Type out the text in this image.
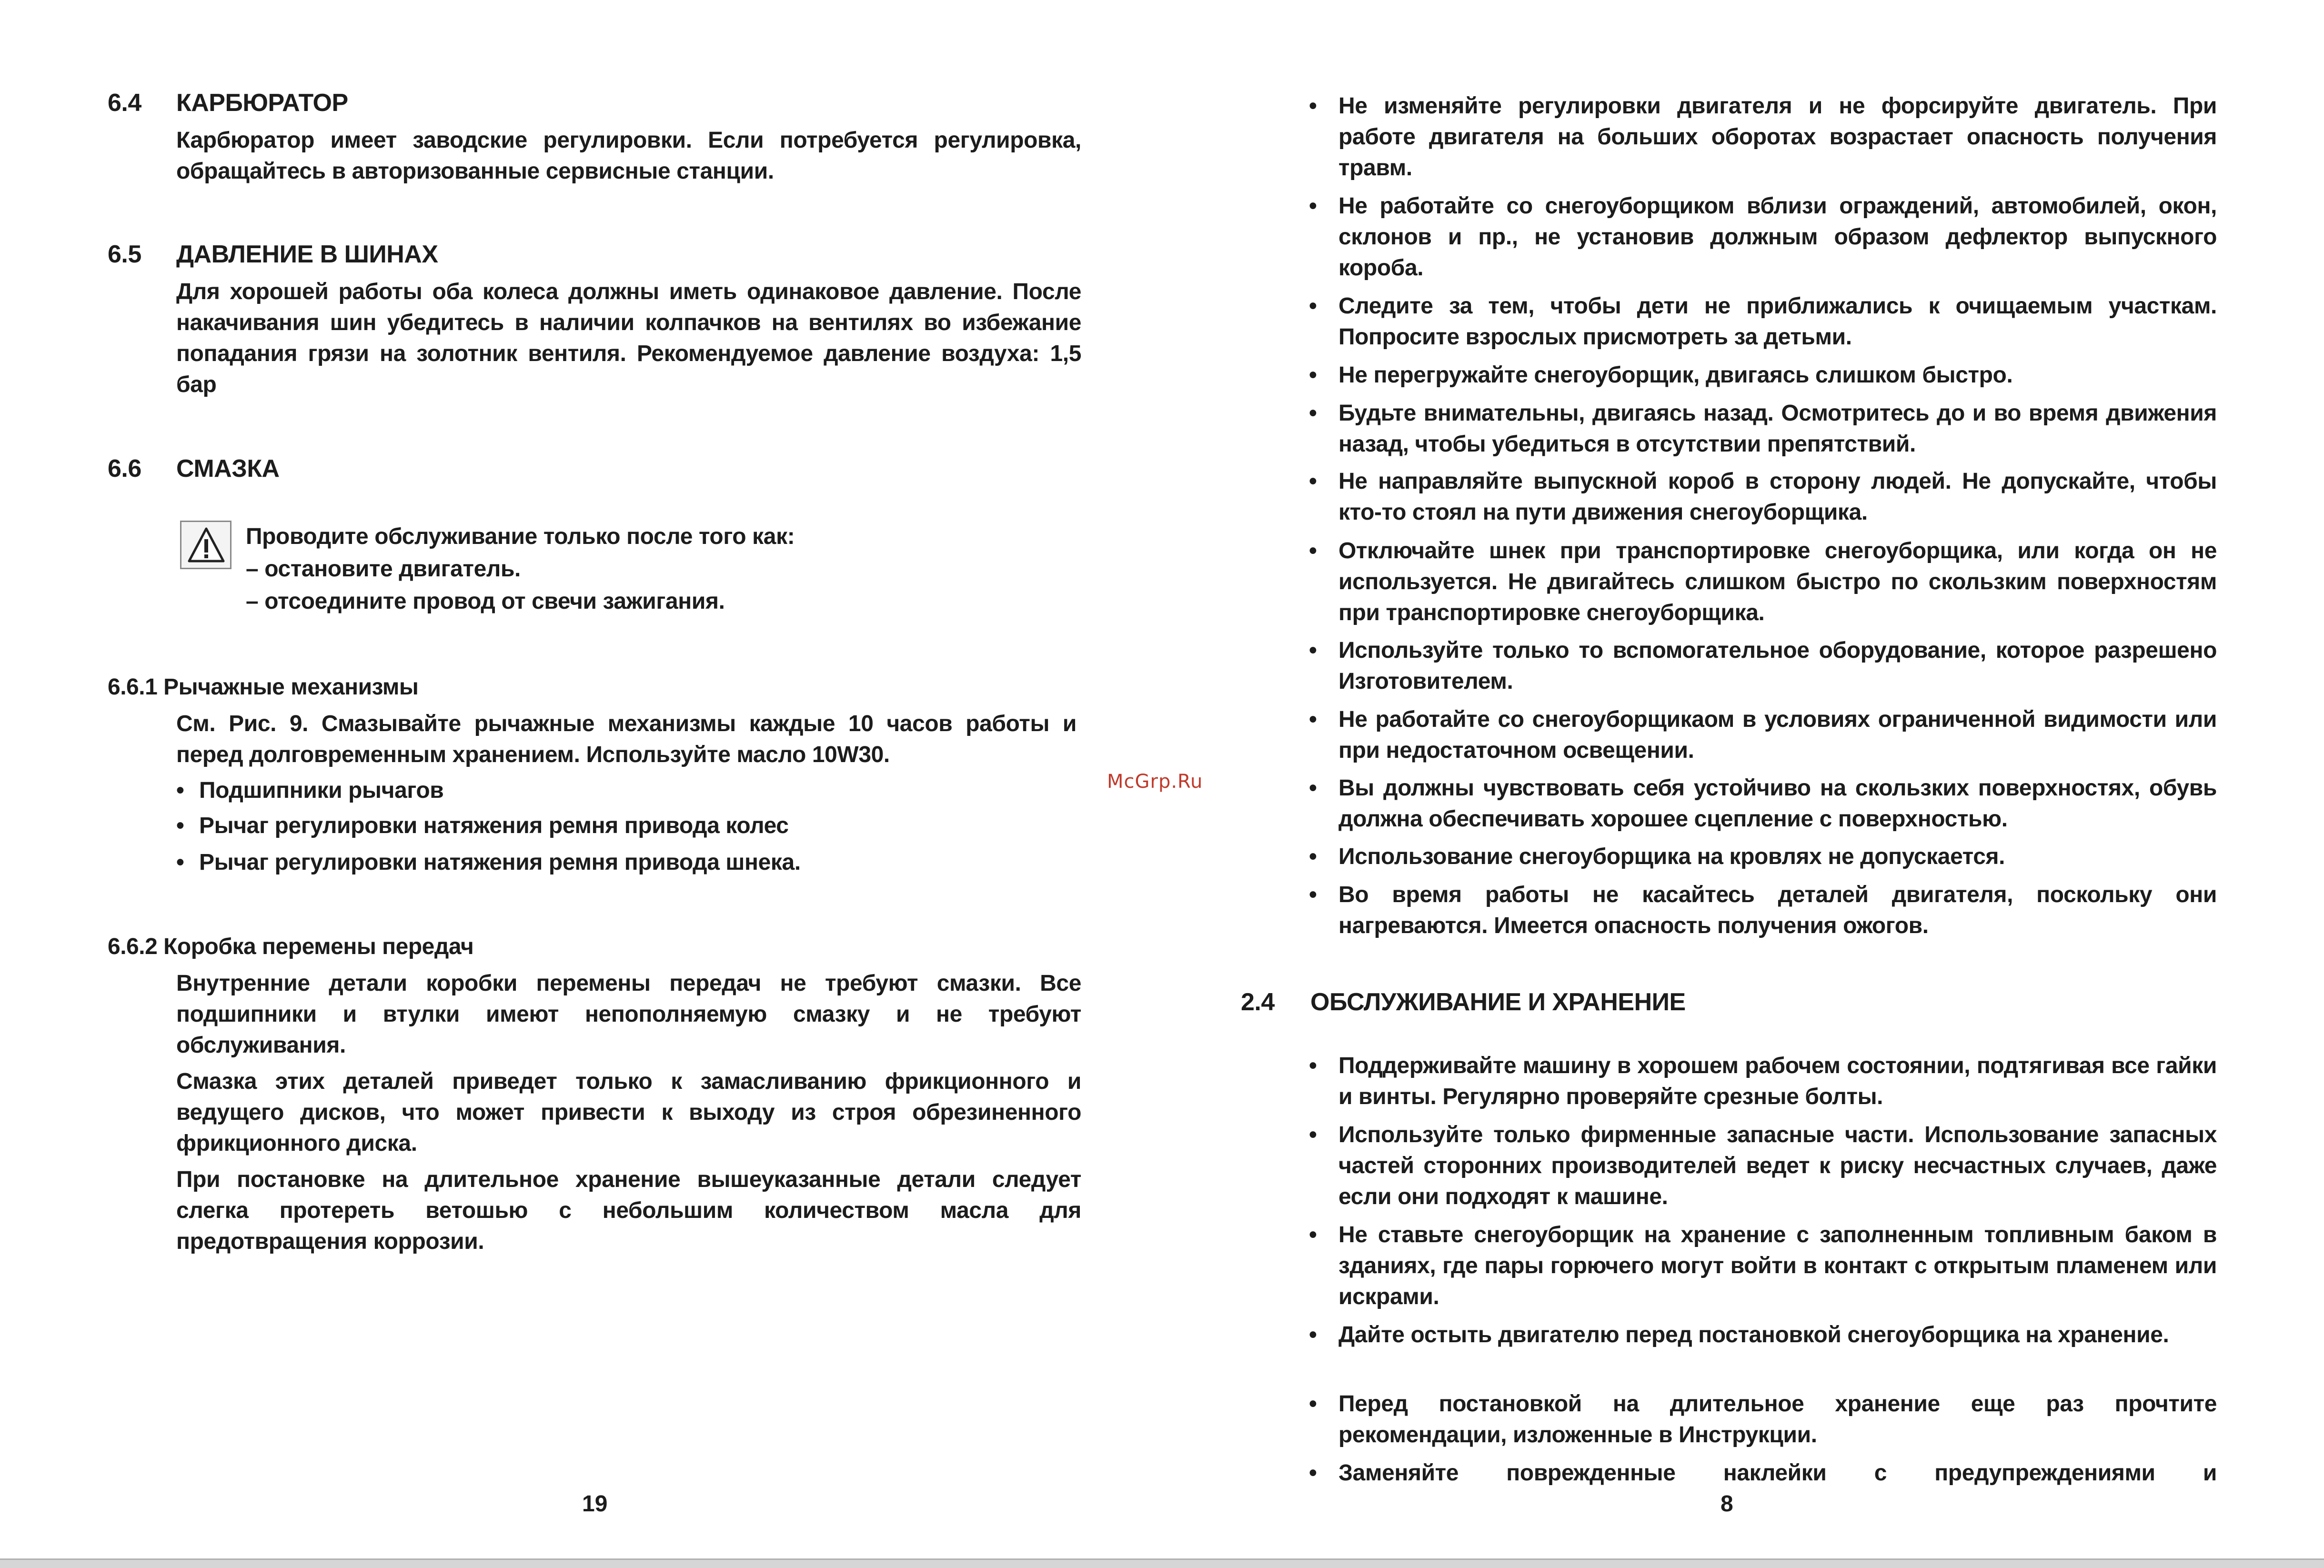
6.4 КАРБЮРАТОР
Карбюратор имеет заводские регулировки. Если потребуется регулировка, обращайтесь в авторизованные сервисные станции.
6.5 ДАВЛЕНИЕ В ШИНАХ
Для хорошей работы оба колеса должны иметь одинаковое давление. После накачивания шин убедитесь в наличии колпачков на вентилях во избежание попадания грязи на золотник вентиля. Рекомендуемое давление воздуха: 1,5 бар
6.6 СМАЗКА
Проводите обслуживание только после того как:
– остановите двигатель.
– отсоедините провод от свечи зажигания.
6.6.1 Рычажные механизмы
См. Рис. 9. Смазывайте рычажные механизмы каждые 10 часов работы и перед долговременным хранением. Используйте масло 10W30.
• Подшипники рычагов
• Рычаг регулировки натяжения ремня привода колес
• Рычаг регулировки натяжения ремня привода шнека.
6.6.2 Коробка перемены передач
Внутренние детали коробки перемены передач не требуют смазки. Все подшипники и втулки имеют непополняемую смазку и не требуют обслуживания.
Смазка этих деталей приведет только к замасливанию фрикционного и ведущего дисков, что может привести к выходу из строя обрезиненного фрикционного диска.
При постановке на длительное хранение вышеуказанные детали следует слегка протереть ветошью с небольшим количеством масла для предотвращения коррозии.
19
McGrp.Ru
• Не изменяйте регулировки двигателя и не форсируйте двигатель. При работе двигателя на больших оборотах возрастает опасность получения травм.
• Не работайте со снегоуборщиком вблизи ограждений, автомобилей, окон, склонов и пр., не установив должным образом дефлектор выпускного короба.
• Следите за тем, чтобы дети не приближались к очищаемым участкам. Попросите взрослых присмотреть за детьми.
• Не перегружайте снегоуборщик, двигаясь слишком быстро.
• Будьте внимательны, двигаясь назад. Осмотритесь до и во время движения назад, чтобы убедиться в отсутствии препятствий.
• Не направляйте выпускной короб в сторону людей. Не допускайте, чтобы кто-то стоял на пути движения снегоуборщика.
• Отключайте шнек при транспортировке снегоуборщика, или когда он не используется. Не двигайтесь слишком быстро по скользким поверхностям при транспортировке снегоуборщика.
• Используйте только то вспомогательное оборудование, которое разрешено Изготовителем.
• Не работайте со снегоуборщикаом в условиях ограниченной видимости или при недостаточном освещении.
• Вы должны чувствовать себя устойчиво на скользких поверхностях, обувь должна обеспечивать хорошее сцепление с поверхностью.
• Использование снегоуборщика на кровлях не допускается.
• Во время работы не касайтесь деталей двигателя, поскольку они нагреваются. Имеется опасность получения ожогов.
2.4 ОБСЛУЖИВАНИЕ И ХРАНЕНИЕ
• Поддерживайте машину в хорошем рабочем состоянии, подтягивая все гайки и винты. Регулярно проверяйте срезные болты.
• Используйте только фирменные запасные части. Использование запасных частей сторонних производителей ведет к риску несчастных случаев, даже если они подходят к машине.
• Не ставьте снегоуборщик на хранение с заполненным топливным баком в зданиях, где пары горючего могут войти в контакт с открытым пламенем или искрами.
• Дайте остыть двигателю перед постановкой снегоуборщика на хранение.
• Перед постановкой на длительное хранение еще раз прочтите рекомендации, изложенные в Инструкции.
• Заменяйте поврежденные наклейки с предупреждениями и
8
